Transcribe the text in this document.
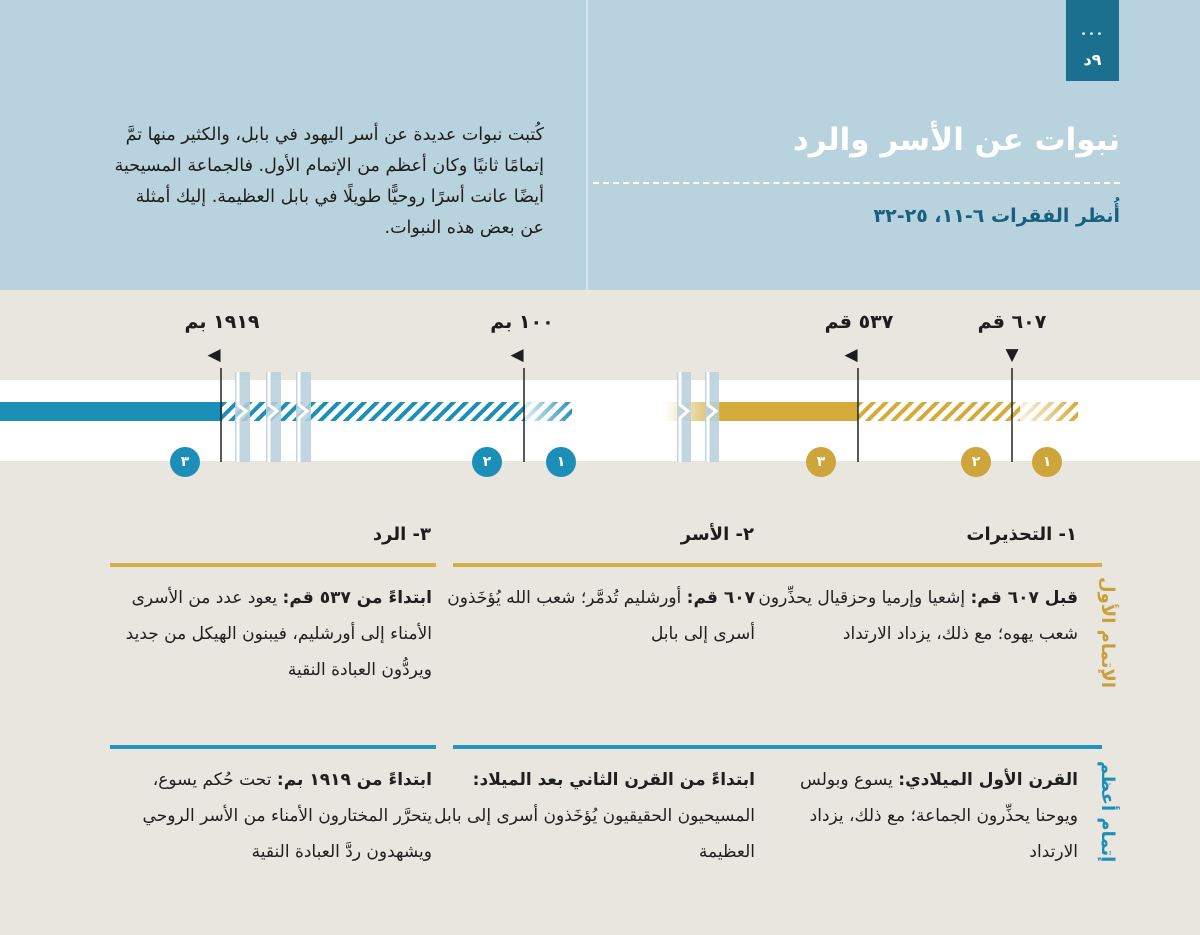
•••
٩د
نبوات عن الأسر والرد
أُنظر الفقرات ٦-١١، ٢٥-٣٢
كُتبت نبوات عديدة عن أسر اليهود في بابل، والكثير منها تمَّ إتمامًا ثانيًا وكان أعظم من الإتمام الأول. فالجماعة المسيحية أيضًا عانت أسرًا روحيًّا طويلًا في بابل العظيمة. إليك أمثلة عن بعض هذه النبوات.
٦٠٧ قم
٥٣٧ قم
١٠٠ بم
١٩١٩ بم
▼
◀
◀
◀
١
٢
٣
١
٢
٣
١- التحذيرات
٢- الأسر
٣- الرد
الإتمام الأول
إتمام أعظم
قبل ٦٠٧ قم: إشعيا وإرميا وحزقيال يحذِّرون شعب يهوه؛ مع ذلك، يزداد الارتداد
٦٠٧ قم: أورشليم تُدمَّر؛ شعب الله يُؤخَذون أسرى إلى بابل
ابتداءً من ٥٣٧ قم: يعود عدد من الأسرى الأمناء إلى أورشليم، فيبنون الهيكل من جديد ويردُّون العبادة النقية
القرن الأول الميلادي: يسوع وبولس ويوحنا يحذِّرون الجماعة؛ مع ذلك، يزداد الارتداد
ابتداءً من القرن الثاني بعد الميلاد: المسيحيون الحقيقيون يُؤخَذون أسرى إلى بابل العظيمة
ابتداءً من ١٩١٩ بم: تحت حُكم يسوع، يتحرَّر المختارون الأمناء من الأسر الروحي ويشهدون ردَّ العبادة النقية
